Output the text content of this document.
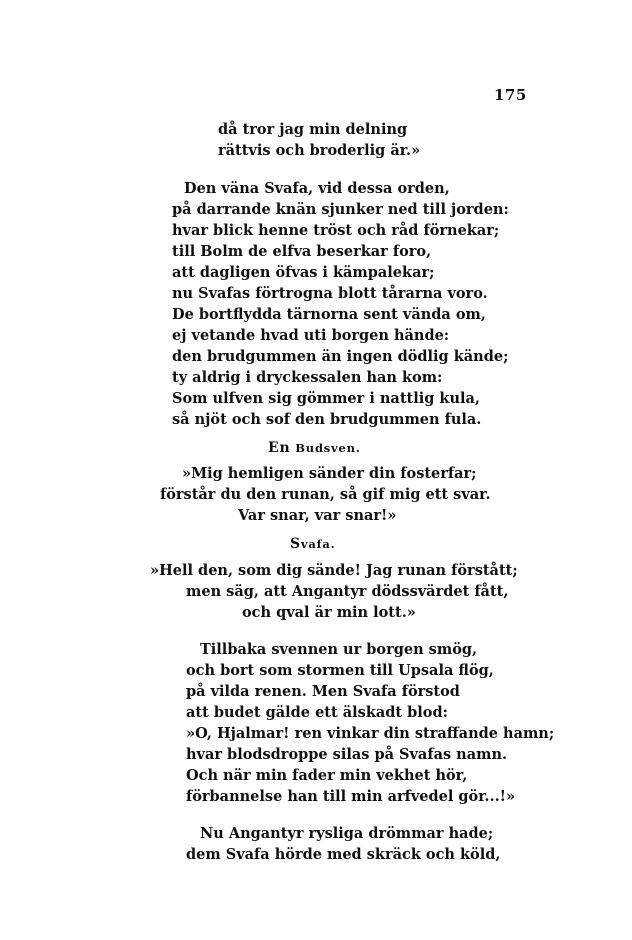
175
då tror jag min delning
rättvis och broderlig är.»
Den väna Svafa, vid dessa orden,
på darrande knän sjunker ned till jorden:
hvar blick henne tröst och råd förnekar;
till Bolm de elfva beserkar foro,
att dagligen öfvas i kämpalekar;
nu Svafas förtrogna blott tårarna voro.
De bortflydda tärnorna sent vända om,
ej vetande hvad uti borgen hände:
den brudgummen än ingen dödlig kände;
ty aldrig i dryckessalen han kom:
Som ulfven sig gömmer i nattlig kula,
så njöt och sof den brudgummen fula.
En Budsven.
»Mig hemligen sänder din fosterfar;
förstår du den runan, så gif mig ett svar.
Var snar, var snar!»
Svafa.
»Hell den, som dig sände! Jag runan förstått;
men säg, att Angantyr dödssvärdet fått,
och qval är min lott.»
Tillbaka svennen ur borgen smög,
och bort som stormen till Upsala flög,
på vilda renen. Men Svafa förstod
att budet gälde ett älskadt blod:
»O, Hjalmar! ren vinkar din straffande hamn;
hvar blodsdroppe silas på Svafas namn.
Och när min fader min vekhet hör,
förbannelse han till min arfvedel gör...!»
Nu Angantyr rysliga drömmar hade;
dem Svafa hörde med skräck och köld,
